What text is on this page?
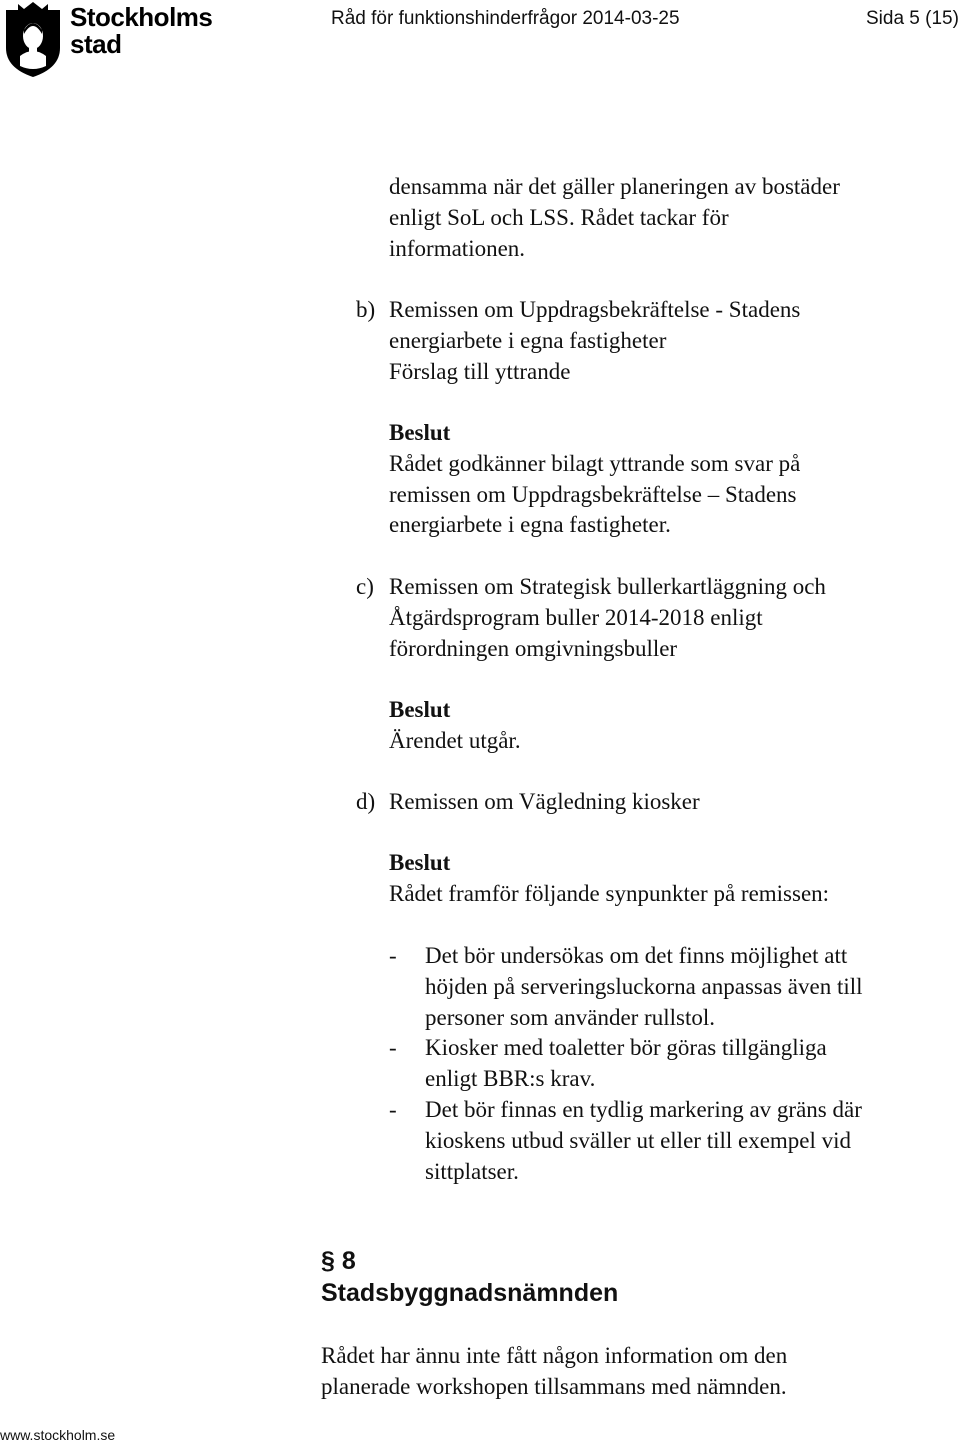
Stockholms
stad
Råd för funktionshinderfrågor 2014-03-25	Sida 5 (15)

densamma när det gäller planeringen av bostäder

enligt SoL och LSS. Rådet tackar för

informationen.

b) Remissen om Uppdragsbekräftelse - Stadens

energiarbete i egna fastigheter

Förslag till yttrande

Beslut

Rådet godkänner bilagt yttrande som svar på

remissen om Uppdragsbekräftelse – Stadens

energiarbete i egna fastigheter.

c) Remissen om Strategisk bullerkartläggning och

Åtgärdsprogram buller 2014-2018 enligt

förordningen omgivningsbuller

Beslut

Ärendet utgår.

d) Remissen om Vägledning kiosker

Beslut

Rådet framför följande synpunkter på remissen:

- Det bör undersökas om det finns möjlighet att
höjden på serveringsluckorna anpassas även till
personer som använder rullstol.
- Kiosker med toaletter bör göras tillgängliga
enligt BBR:s krav.
- Det bör finnas en tydlig markering av gräns där
kioskens utbud sväller ut eller till exempel vid
sittplatser.
§ 8
Stadsbyggnadsnämnden

Rådet har ännu inte fått någon information om den

planerade workshopen tillsammans med nämnden.

www.stockholm.se
